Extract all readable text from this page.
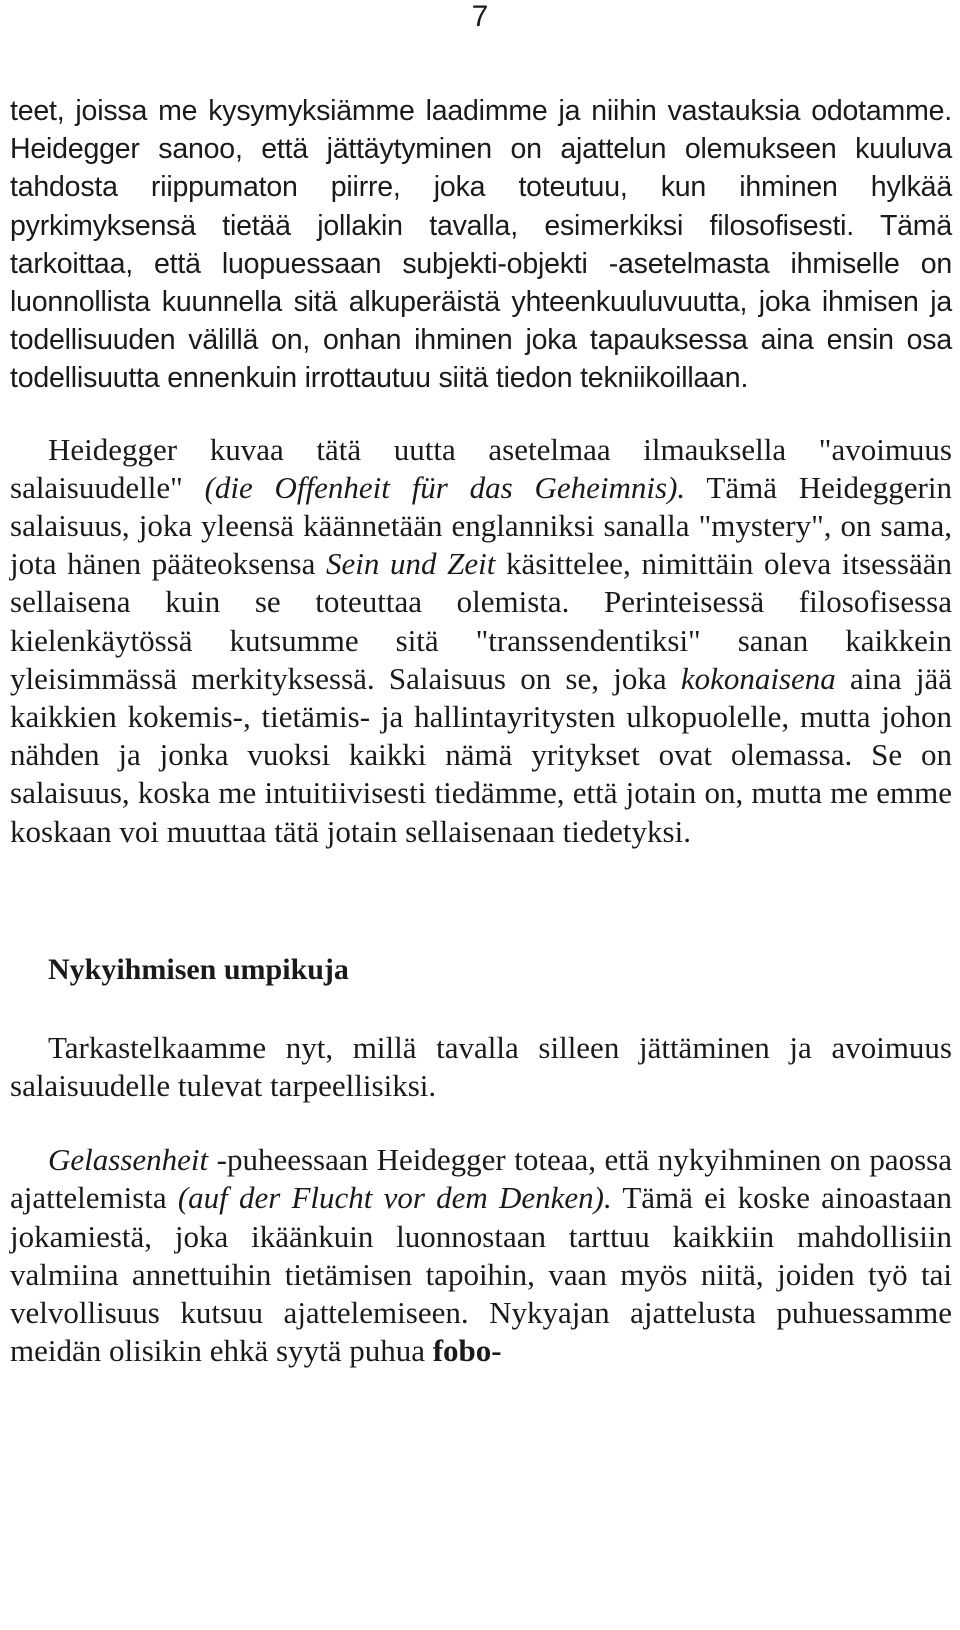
7

teet, joissa me kysymyksiämme laadimme ja niihin vastauksia odotamme. Heidegger sanoo, että jättäytyminen on ajattelun olemukseen kuuluva tahdosta riippumaton piirre, joka toteutuu, kun ihminen hylkää pyrkimyksensä tietää jollakin tavalla, esimerkiksi filosofisesti. Tämä tarkoittaa, että luopuessaan subjekti-objekti -asetelmasta ihmiselle on luonnollista kuunnella sitä alkuperäistä yhteenkuuluvuutta, joka ihmisen ja todellisuuden välillä on, onhan ihminen joka tapauksessa aina ensin osa todellisuutta ennenkuin irrottautuu siitä tiedon tekniikoillaan.

Heidegger kuvaa tätä uutta asetelmaa ilmauksella "avoimuus salaisuudelle" (die Offenheit für das Geheimnis). Tämä Heideggerin salaisuus, joka yleensä käännetään englanniksi sanalla "mystery", on sama, jota hänen pääteoksensa Sein und Zeit käsittelee, nimittäin oleva itsessään sellaisena kuin se toteuttaa olemista. Perinteisessä filosofisessa kielenkäytössä kutsumme sitä "transsendentiksi" sanan kaikkein yleisimmässä merkityksessä. Salaisuus on se, joka kokonaisena aina jää kaikkien kokemis-, tietämis- ja hallintayritysten ulkopuolelle, mutta johon nähden ja jonka vuoksi kaikki nämä yritykset ovat olemassa. Se on salaisuus, koska me intuitiivisesti tiedämme, että jotain on, mutta me emme koskaan voi muuttaa tätä jotain sellaisenaan tiedetyksi.

Nykyihmisen umpikuja

Tarkastelkaamme nyt, millä tavalla silleen jättäminen ja avoimuus salaisuudelle tulevat tarpeellisiksi.

Gelassenheit -puheessaan Heidegger toteaa, että nykyihminen on paossa ajattelemista (auf der Flucht vor dem Denken). Tämä ei koske ainoastaan jokamiestä, joka ikäänkuin luonnostaan tarttuu kaikkiin mahdollisiin valmiina annettuihin tietämisen tapoihin, vaan myös niitä, joiden työ tai velvollisuus kutsuu ajattelemiseen. Nykyajan ajattelusta puhuessamme meidän olisikin ehkä syytä puhua fobo-
